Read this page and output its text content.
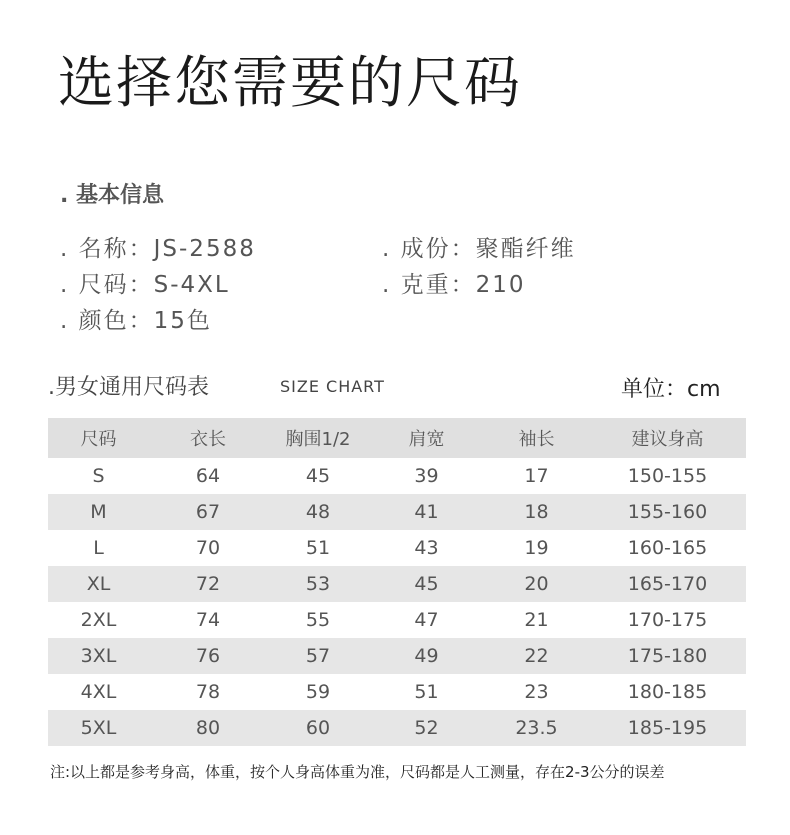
选择您需要的尺码
. 基本信息
. 名称：JS-2588	. 成份：聚酯纤维
. 尺码：S-4XL	. 克重：210
. 颜色：15色
.男女通用尺码表	SIZE CHART	单位：cm
尺码	衣长	胸围1/2	肩宽	袖长	建议身高
S	64	45	39	17	150-155
M	67	48	41	18	155-160
L	70	51	43	19	160-165
XL	72	53	45	20	165-170
2XL	74	55	47	21	170-175
3XL	76	57	49	22	175-180
4XL	78	59	51	23	180-185
5XL	80	60	52	23.5	185-195
注:以上都是参考身高，体重，按个人身高体重为准，尺码都是人工测量，存在2-3公分的误差
